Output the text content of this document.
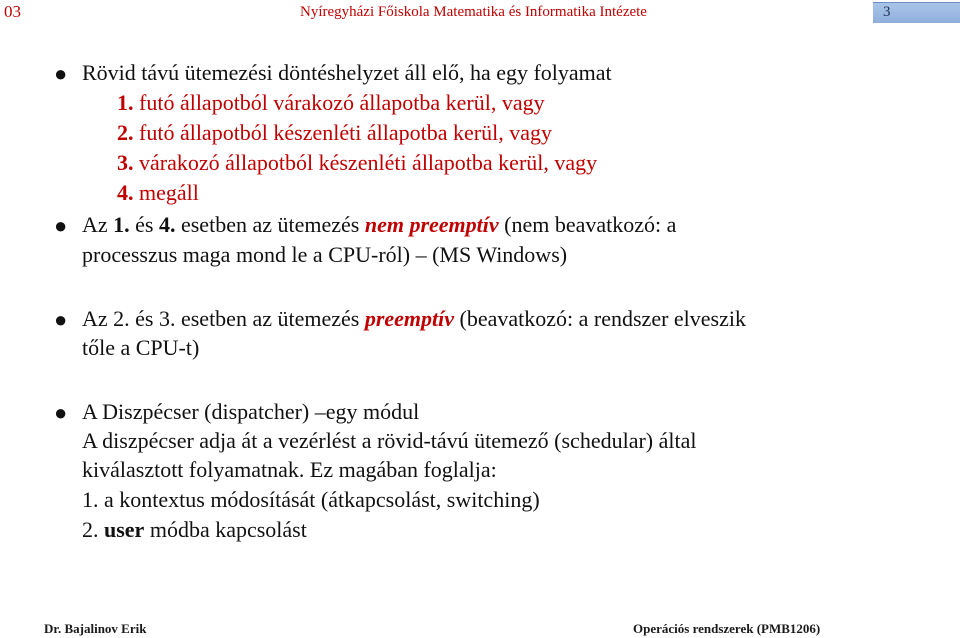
03	Nyíregyházi Főiskola Matematika és Informatika Intézete	3
● Rövid távú ütemezési döntéshelyzet áll elő, ha egy folyamat
1. futó állapotból várakozó állapotba kerül, vagy
2. futó állapotból készenléti állapotba kerül, vagy
3. várakozó állapotból készenléti állapotba kerül, vagy
4. megáll
● Az 1. és 4. esetben az ütemezés nem preemptív (nem beavatkozó: a
processzus maga mond le a CPU-ról) – (MS Windows)
● Az 2. és 3. esetben az ütemezés preemptív (beavatkozó: a rendszer elveszik
tőle a CPU-t)
● A Diszpécser (dispatcher) –egy módul
A diszpécser adja át a vezérlést a rövid-távú ütemező (schedular) által
kiválasztott folyamatnak. Ez magában foglalja:
1. a kontextus módosítását (átkapcsolást, switching)
2. user módba kapcsolást
Dr. Bajalinov Erik	Operációs rendszerek (PMB1206)
